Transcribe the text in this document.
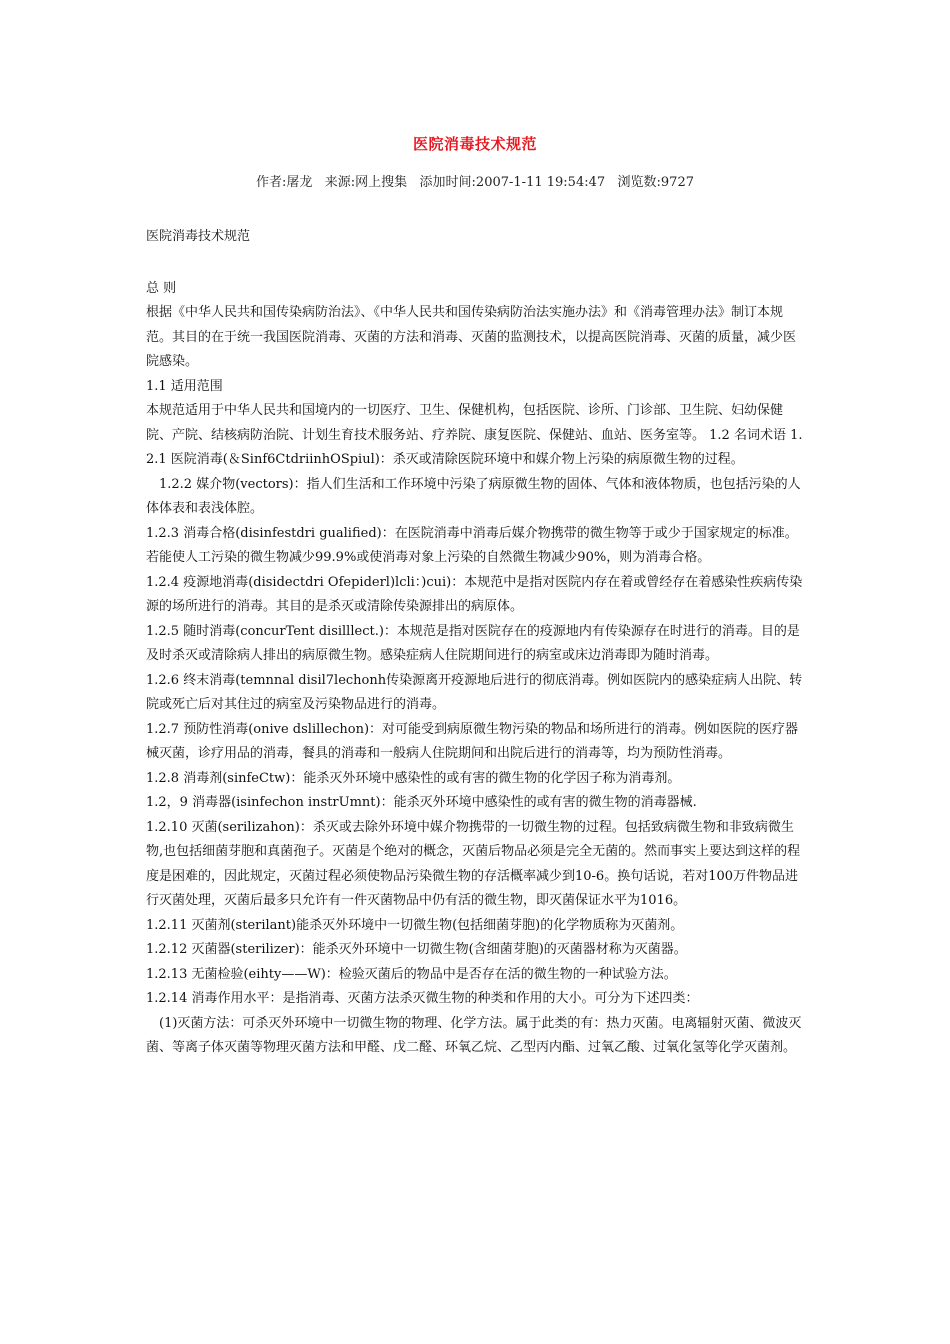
医院消毒技术规范
作者:屠龙   来源:网上搜集   添加时间:2007-1-11 19:54:47   浏览数:9727

医院消毒技术规范

总 则

根据《中华人民共和国传染病防治法》、《中华人民共和国传染病防治法实施办法》和《消毒管理办法》制订本规范。其目的在于统一我国医院消毒、灭菌的方法和消毒、灭菌的监测技术，以提高医院消毒、灭菌的质量，减少医院感染。

1.1 适用范围

本规范适用于中华人民共和国境内的一切医疗、卫生、保健机构，包括医院、诊所、门诊部、卫生院、妇幼保健院、产院、结核病防治院、计划生育技术服务站、疗养院、康复医院、保健站、血站、医务室等。 1.2 名词术语 1.2.1 医院消毒(＆Sinf6CtdriinhOSpiul)：杀灭或清除医院环境中和媒介物上污染的病原微生物的过程。

1.2.2 媒介物(vectors)：指人们生活和工作环境中污染了病原微生物的固体、气体和液体物质，也包括污染的人体体表和表浅体腔。

1.2.3 消毒合格(disinfestdri gualified)：在医院消毒中消毒后媒介物携带的微生物等于或少于国家规定的标准。若能使人工污染的微生物减少99.9%或使消毒对象上污染的自然微生物减少90%，则为消毒合格。

1.2.4 疫源地消毒(disidectdri Ofepiderl)lcli：)cui)：本规范中是指对医院内存在着或曾经存在着感染性疾病传染源的场所进行的消毒。其目的是杀灭或清除传染源排出的病原体。

1.2.5 随时消毒(concurTent disilllect.)：本规范是指对医院存在的疫源地内有传染源存在时进行的消毒。目的是及时杀灭或清除病人排出的病原微生物。感染症病人住院期间进行的病室或床边消毒即为随时消毒。

1.2.6 终末消毒(temnnal disil7lechonh传染源离开疫源地后进行的彻底消毒。例如医院内的感染症病人出院、转院或死亡后对其住过的病室及污染物品进行的消毒。

1.2.7 预防性消毒(onive dslillechon)：对可能受到病原微生物污染的物品和场所进行的消毒。例如医院的医疗器械灭菌，诊疗用品的消毒，餐具的消毒和一般病人住院期间和出院后进行的消毒等，均为预防性消毒。

1.2.8 消毒剂(sinfeCtw)：能杀灭外环境中感染性的或有害的微生物的化学因子称为消毒剂。

1.2，9 消毒器(isinfechon instrUmnt)：能杀灭外环境中感染性的或有害的微生物的消毒器械.

1.2.10 灭菌(serilizahon)：杀灭或去除外环境中媒介物携带的一切微生物的过程。包括致病微生物和非致病微生物,也包括细菌芽胞和真菌孢子。灭菌是个绝对的概念，灭菌后物品必须是完全无菌的。然而事实上要达到这样的程度是困难的，因此规定，灭菌过程必须使物品污染微生物的存活概率减少到10-6。换句话说，若对100万件物品进行灭菌处理，灭菌后最多只允许有一件灭菌物品中仍有活的微生物，即灭菌保证水平为1016。

1.2.11 灭菌剂(sterilant)能杀灭外环境中一切微生物(包括细菌芽胞)的化学物质称为灭菌剂。

1.2.12 灭菌器(sterilizer)：能杀灭外环境中一切微生物(含细菌芽胞)的灭菌器材称为灭菌器。

1.2.13 无菌检验(eihty——W)：检验灭菌后的物品中是否存在活的微生物的一种试验方法。

1.2.14 消毒作用水平：是指消毒、灭菌方法杀灭微生物的种类和作用的大小。可分为下述四类：

(1)灭菌方法：可杀灭外环境中一切微生物的物理、化学方法。属于此类的有：热力灭菌。电离辐射灭菌、微波灭菌、等离子体灭菌等物理灭菌方法和甲醛、戊二醛、环氧乙烷、乙型丙内酯、过氧乙酸、过氧化氢等化学灭菌剂。
